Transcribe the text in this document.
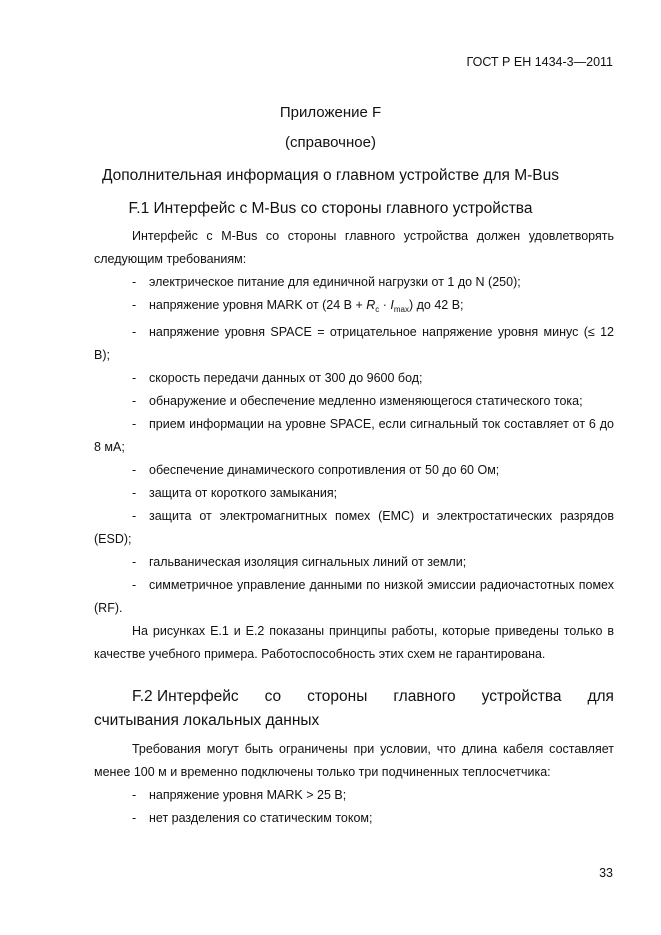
ГОСТ Р ЕН 1434-3—2011
Приложение F
(справочное)
Дополнительная информация о главном устройстве для M-Bus
F.1 Интерфейс с M-Bus со стороны главного устройства

Интерфейс с M-Bus со стороны главного устройства должен удовлетворять следующим требованиям:

- электрическое питание для единичной нагрузки от 1 до N (250);

- напряжение уровня MARK от (24 $В + R_c \cdot I_{max}$) до 42 В;

- напряжение уровня SPACE = отрицательное напряжение уровня минус (≤ 12 В);

- скорость передачи данных от 300 до 9600 бод;

- обнаружение и обеспечение медленно изменяющегося статического тока;

- прием информации на уровне SPACE, если сигнальный ток составляет от 6 до 8 мА;

- обеспечение динамического сопротивления от 50 до 60 Ом;

- защита от короткого замыкания;

- защита от электромагнитных помех (EMC) и электростатических разрядов (ESD);

- гальваническая изоляция сигнальных линий от земли;

- симметричное управление данными по низкой эмиссии радиочастотных помех (RF).

На рисунках Е.1 и Е.2 показаны принципы работы, которые приведены только в качестве учебного примера. Работоспособность этих схем не гарантирована.

F.2 Интерфейс со стороны главного устройства для
считывания локальных данных

Требования могут быть ограничены при условии, что длина кабеля составляет менее 100 м и временно подключены только три подчиненных теплосчетчика:

- напряжение уровня MARK > 25 В;

- нет разделения со статическим током;

33
